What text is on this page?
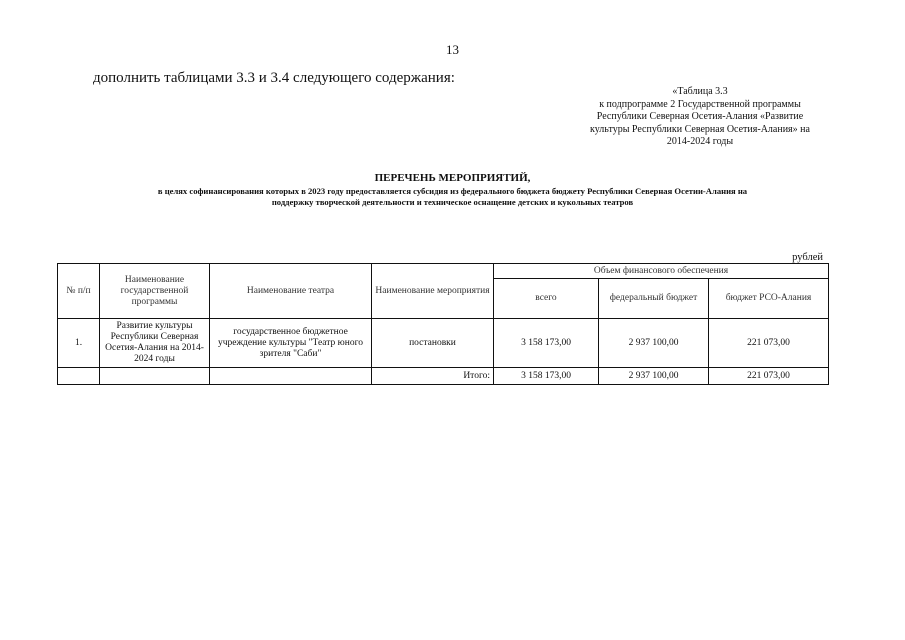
13
дополнить таблицами 3.3 и 3.4 следующего содержания:
«Таблица 3.3
к подпрограмме 2 Государственной программы
Республики Северная Осетия-Алания «Развитие
культуры Республики Северная Осетия-Алания» на
2014-2024 годы
ПЕРЕЧЕНЬ МЕРОПРИЯТИЙ,
в целях софинансирования которых в 2023 году предоставляется субсидия из федерального бюджета бюджету Республики Северная Осетии-Алания на
поддержку творческой деятельности и техническое оснащение детских и кукольных театров
рублей
№ п/п	Наименование государственной программы	Наименование театра	Наименование мероприятия	Объем финансового обеспечения		
				всего	федеральный бюджет	бюджет РСО-Алания
1.	Развитие культуры Республики Северная Осетия-Алания на 2014-2024 годы	государственное бюджетное учреждение культуры "Театр юного зрителя "Саби"	постановки	3 158 173,00	2 937 100,00	221 073,00
			Итого:	3 158 173,00	2 937 100,00	221 073,00
